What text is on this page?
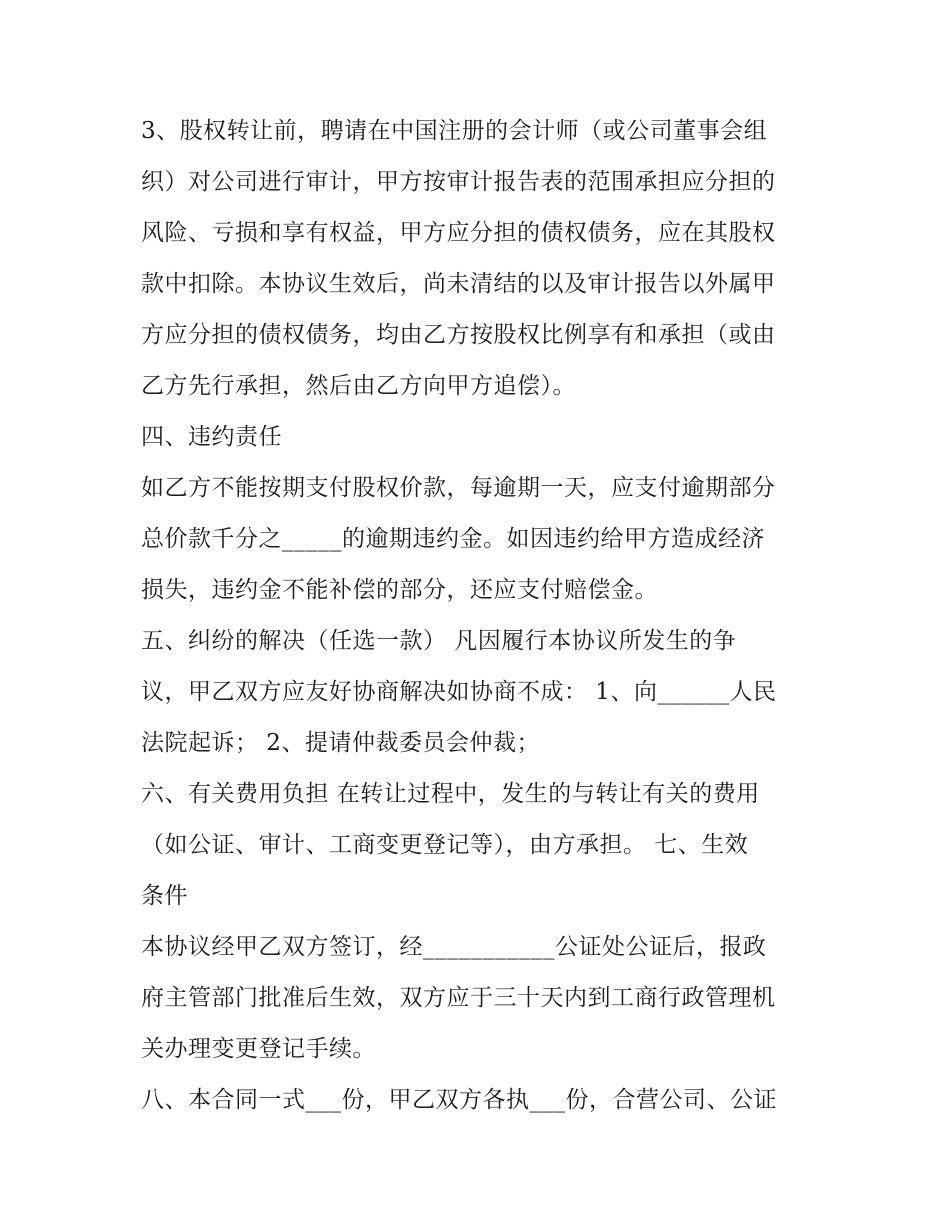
3、股权转让前，聘请在中国注册的会计师（或公司董事会组
织）对公司进行审计，甲方按审计报告表的范围承担应分担的
风险、亏损和享有权益，甲方应分担的债权债务，应在其股权
款中扣除。本协议生效后，尚未清结的以及审计报告以外属甲
方应分担的债权债务，均由乙方按股权比例享有和承担（或由
乙方先行承担，然后由乙方向甲方追偿）。
四、违约责任
如乙方不能按期支付股权价款，每逾期一天，应支付逾期部分
总价款千分之_____的逾期违约金。如因违约给甲方造成经济
损失，违约金不能补偿的部分，还应支付赔偿金。
五、纠纷的解决（任选一款） 凡因履行本协议所发生的争
议，甲乙双方应友好协商解决如协商不成： 1、向______人民
法院起诉； 2、提请仲裁委员会仲裁；
六、有关费用负担 在转让过程中，发生的与转让有关的费用
（如公证、审计、工商变更登记等），由方承担。 七、生效
条件
本协议经甲乙双方签订，经___________公证处公证后，报政
府主管部门批准后生效，双方应于三十天内到工商行政管理机
关办理变更登记手续。
八、本合同一式___份，甲乙双方各执___份，合营公司、公证
